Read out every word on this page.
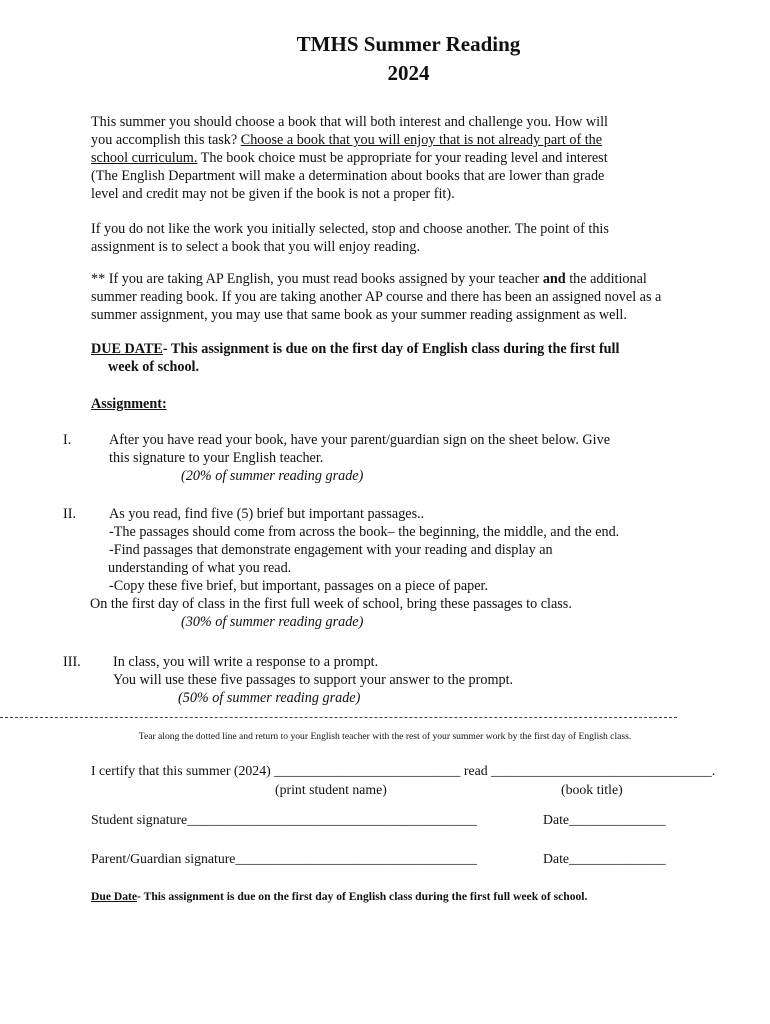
TMHS Summer Reading
2024

This summer you should choose a book that will both interest and challenge you. How will

you accomplish this task? Choose a book that you will enjoy that is not already part of the

school curriculum. The book choice must be appropriate for your reading level and interest

(The English Department will make a determination about books that are lower than grade

level and credit may not be given if the book is not a proper fit).

If you do not like the work you initially selected, stop and choose another. The point of this

assignment is to select a book that you will enjoy reading.

** If you are taking AP English, you must read books assigned by your teacher and the additional

summer reading book. If you are taking another AP course and there has been an assigned novel as a

summer assignment, you may use that same book as your summer reading assignment as well.

DUE DATE- This assignment is due on the first day of English class during the first full
week of school.
Assignment:
I.	After you have read your book, have your parent/guardian sign on the sheet below. Give
this signature to your English teacher.
(20% of summer reading grade)
II. As you read, find five (5) brief but important passages..
-The passages should come from across the book– the beginning, the middle, and the end.
-Find passages that demonstrate engagement with your reading and display an
understanding of what you read.
-Copy these five brief, but important, passages on a piece of paper.
On the first day of class in the first full week of school, bring these passages to class.
(30% of summer reading grade)
III. In class, you will write a response to a prompt.
You will use these five passages to support your answer to the prompt.
(50% of summer reading grade)
Tear along the dotted line and return to your English teacher with the rest of your summer work by the first day of English class.
I certify that this summer (2024) ___________________________ read ________________________________.
(print student name)	(book title)
Student signature__________________________________________	Date______________
Parent/Guardian signature___________________________________	Date______________
Due Date- This assignment is due on the first day of English class during the first full week of school.
